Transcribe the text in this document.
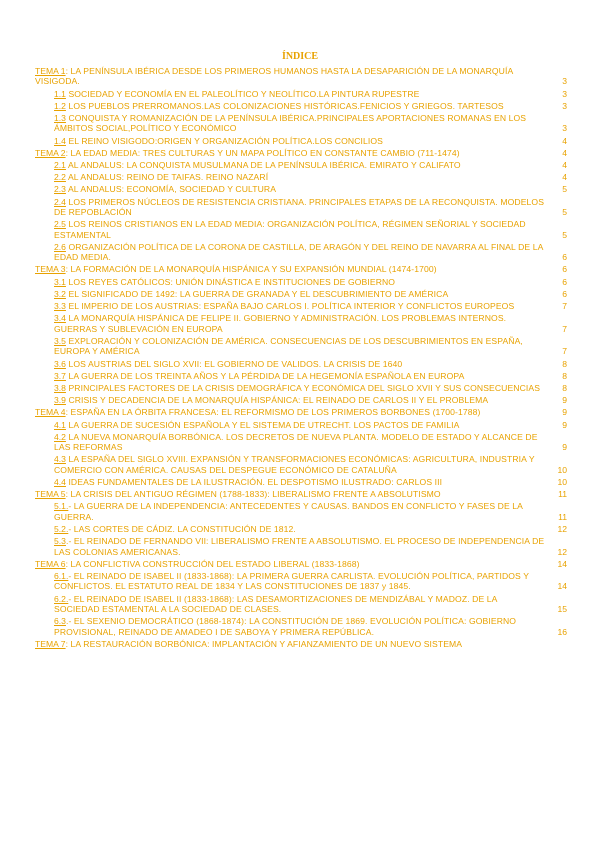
ÍNDICE
TEMA 1: LA PENÍNSULA IBÉRICA DESDE LOS PRIMEROS HUMANOS HASTA LA DESAPARICIÓN DE LA MONARQUÍA VISIGODA.	3
1.1 SOCIEDAD Y ECONOMÍA EN EL PALEOLÍTICO Y NEOLÍTICO.LA PINTURA RUPESTRE	3
1.2 LOS PUEBLOS PRERROMANOS.LAS COLONIZACIONES HISTÓRICAS.FENICIOS Y GRIEGOS. TARTESOS	3
1.3 CONQUISTA Y ROMANIZACIÓN DE LA PENÍNSULA IBÉRICA.PRINCIPALES APORTACIONES ROMANAS EN LOS ÁMBITOS SOCIAL,POLÍTICO Y ECONÓMICO	3
1.4 EL REINO VISIGODO:ORIGEN Y ORGANIZACIÓN POLÍTICA.LOS CONCILIOS	4
TEMA 2: LA EDAD MEDIA: TRES CULTURAS Y UN MAPA POLÍTICO EN CONSTANTE CAMBIO (711-1474)	4
2.1 AL ANDALUS: LA CONQUISTA MUSULMANA DE LA PENÍNSULA IBÉRICA. EMIRATO Y CALIFATO	4
2.2 AL ANDALUS: REINO DE TAIFAS. REINO NAZARÍ	4
2.3 AL ANDALUS: ECONOMÍA, SOCIEDAD Y CULTURA	5
2.4 LOS PRIMEROS NÚCLEOS DE RESISTENCIA CRISTIANA. PRINCIPALES ETAPAS DE LA RECONQUISTA. MODELOS DE REPOBLACIÓN	5
2.5 LOS REINOS CRISTIANOS EN LA EDAD MEDIA: ORGANIZACIÓN POLÍTICA, RÉGIMEN SEÑORIAL Y SOCIEDAD ESTAMENTAL	5
2.6 ORGANIZACIÓN POLÍTICA DE LA CORONA DE CASTILLA, DE ARAGÓN Y DEL REINO DE NAVARRA AL FINAL DE LA EDAD MEDIA.	6
TEMA 3: LA FORMACIÓN DE LA MONARQUÍA HISPÁNICA Y SU EXPANSIÓN MUNDIAL (1474-1700)	6
3.1 LOS REYES CATÓLICOS: UNIÓN DINÁSTICA E INSTITUCIONES DE GOBIERNO	6
3.2 EL SIGNIFICADO DE 1492: LA GUERRA DE GRANADA Y EL DESCUBRIMIENTO DE AMÉRICA	6
3.3 EL IMPERIO DE LOS AUSTRIAS: ESPAÑA BAJO CARLOS I. POLÍTICA INTERIOR Y CONFLICTOS EUROPEOS	7
3.4 LA MONARQUÍA HISPÁNICA DE FELIPE II. GOBIERNO Y ADMINISTRACIÓN. LOS PROBLEMAS INTERNOS. GUERRAS Y SUBLEVACIÓN EN EUROPA	7
3.5 EXPLORACIÓN Y COLONIZACIÓN DE AMÉRICA. CONSECUENCIAS DE LOS DESCUBRIMIENTOS EN ESPAÑA, EUROPA Y AMÉRICA	7
3.6 LOS AUSTRIAS DEL SIGLO XVII: EL GOBIERNO DE VALIDOS. LA CRISIS DE 1640	8
3.7 LA GUERRA DE LOS TREINTA AÑOS Y LA PÉRDIDA DE LA HEGEMONÍA ESPAÑOLA EN EUROPA	8
3.8 PRINCIPALES FACTORES DE LA CRISIS DEMOGRÁFICA Y ECONÓMICA DEL SIGLO XVII Y SUS CONSECUENCIAS	8
3.9 CRISIS Y DECADENCIA DE LA MONARQUÍA HISPÁNICA: EL REINADO DE CARLOS II Y EL PROBLEMA	9
TEMA 4: ESPAÑA EN LA ÓRBITA FRANCESA: EL REFORMISMO DE LOS PRIMEROS BORBONES (1700-1788)	9
4.1 LA GUERRA DE SUCESIÓN ESPAÑOLA Y EL SISTEMA DE UTRECHT. LOS PACTOS DE FAMILIA	9
4.2 LA NUEVA MONARQUÍA BORBÓNICA. LOS DECRETOS DE NUEVA PLANTA. MODELO DE ESTADO Y ALCANCE DE LAS REFORMAS	9
4.3 LA ESPAÑA DEL SIGLO XVIII. EXPANSIÓN Y TRANSFORMACIONES ECONÓMICAS: AGRICULTURA, INDUSTRIA Y COMERCIO CON AMÉRICA. CAUSAS DEL DESPEGUE ECONÓMICO DE CATALUÑA	10
4.4 IDEAS FUNDAMENTALES DE LA ILUSTRACIÓN. EL DESPOTISMO ILUSTRADO: CARLOS III	10
TEMA 5: LA CRISIS DEL ANTIGUO RÉGIMEN (1788-1833): LIBERALISMO FRENTE A ABSOLUTISMO	11
5.1.- LA GUERRA DE LA INDEPENDENCIA: ANTECEDENTES Y CAUSAS. BANDOS EN CONFLICTO Y FASES DE LA GUERRA.	11
5.2.- LAS CORTES DE CÁDIZ. LA CONSTITUCIÓN DE 1812.	12
5.3.- EL REINADO DE FERNANDO VII: LIBERALISMO FRENTE A ABSOLUTISMO. EL PROCESO DE INDEPENDENCIA DE LAS COLONIAS AMERICANAS.	12
TEMA 6: LA CONFLICTIVA CONSTRUCCIÓN DEL ESTADO LIBERAL (1833-1868)	14
6.1.- EL REINADO DE ISABEL II (1833-1868): LA PRIMERA GUERRA CARLISTA. EVOLUCIÓN POLÍTICA, PARTIDOS Y CONFLICTOS. EL ESTATUTO REAL DE 1834 Y LAS CONSTITUCIONES DE 1837 y 1845.	14
6.2.- EL REINADO DE ISABEL II (1833-1868): LAS DESAMORTIZACIONES DE MENDIZÁBAL Y MADOZ. DE LA SOCIEDAD ESTAMENTAL A LA SOCIEDAD DE CLASES.	15
6.3.- EL SEXENIO DEMOCRÁTICO (1868-1874): LA CONSTITUCIÓN DE 1869. EVOLUCIÓN POLÍTICA: GOBIERNO PROVISIONAL, REINADO DE AMADEO I DE SABOYA Y PRIMERA REPÚBLICA.	16
TEMA 7: LA RESTAURACIÓN BORBÓNICA: IMPLANTACIÓN Y AFIANZAMIENTO DE UN NUEVO SISTEMA
